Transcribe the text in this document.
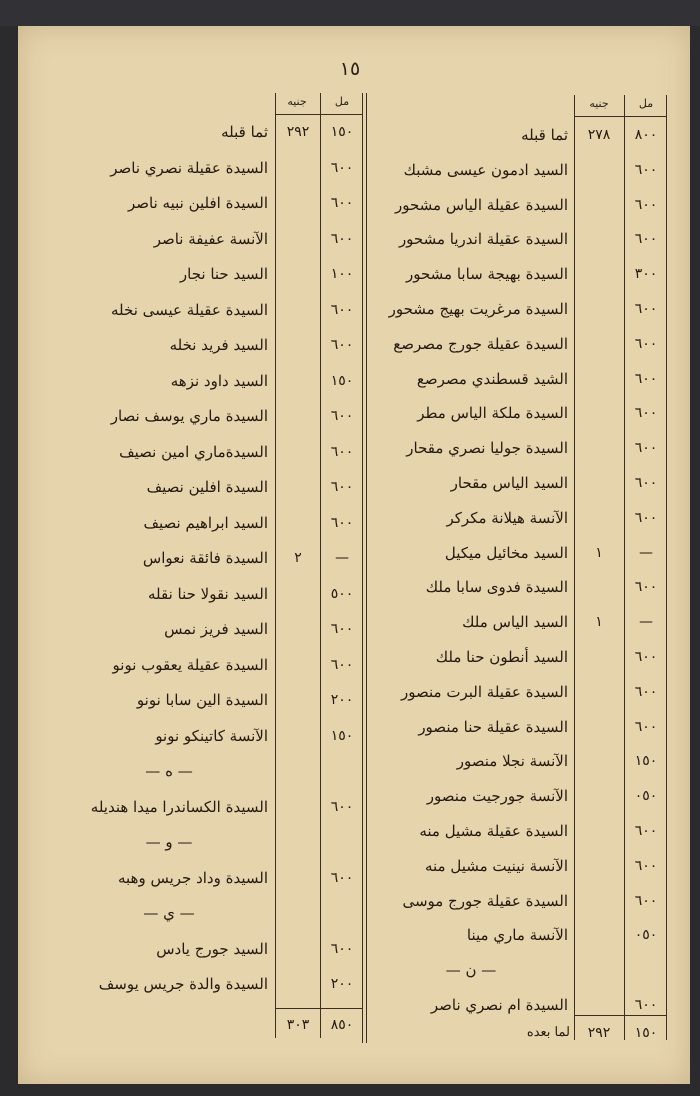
١٥
مل
جنيه
مل
جنيه
٨٠٠
٢٧٨
ثما قبله
٦٠٠
السيد ادمون عيسى مشبك
٦٠٠
السيدة عقيلة الياس مشحور
٦٠٠
السيدة عقيلة اندريا مشحور
٣٠٠
السيدة بهيجة سابا مشحور
٦٠٠
السيدة مرغريت بهيج مشحور
٦٠٠
السيدة عقيلة جورج مصرصع
٦٠٠
الشيد قسطندي مصرصع
٦٠٠
السيدة ملكة الياس مطر
٦٠٠
السيدة جوليا نصري مقحار
٦٠٠
السيد الياس مقحار
٦٠٠
الآنسة هيلانة مكركر
—
١
السيد مخائيل ميكيل
٦٠٠
السيدة فدوى سابا ملك
—
١
السيد الياس ملك
٦٠٠
السيد أنطون حنا ملك
٦٠٠
السيدة عقيلة البرت منصور
٦٠٠
السيدة عقيلة حنا منصور
١٥٠
الآنسة نجلا منصور
٠٥٠
الآنسة جورجيت منصور
٦٠٠
السيدة عقيلة مشيل منه
٦٠٠
الآنسة نينيت مشيل منه
٦٠٠
السيدة عقيلة جورج موسى
٠٥٠
الآنسة ماري مينا
— ن —
٦٠٠
السيدة ام نصري ناصر
١٥٠
٢٩٢
ثما قبله
٦٠٠
السيدة عقيلة نصري ناصر
٦٠٠
السيدة افلين نبيه ناصر
٦٠٠
الآنسة عفيفة ناصر
١٠٠
السيد حنا نجار
٦٠٠
السيدة عقيلة عيسى نخله
٦٠٠
السيد فريد نخله
١٥٠
السيد داود نزهه
٦٠٠
السيدة ماري يوسف نصار
٦٠٠
السيدةماري امين نصيف
٦٠٠
السيدة افلين نصيف
٦٠٠
السيد ابراهيم نصيف
—
٢
السيدة فائقة نعواس
٥٠٠
السيد نقولا حنا نقله
٦٠٠
السيد فريز نمس
٦٠٠
السيدة عقيلة يعقوب نونو
٢٠٠
السيدة الين سابا نونو
١٥٠
الآنسة كاتينكو نونو
— ه —
٦٠٠
السيدة الكساندرا ميدا هنديله
— و —
٦٠٠
السيدة وداد جريس وهبه
— ي —
٦٠٠
السيد جورج يادس
٢٠٠
السيدة والدة جريس يوسف
١٥٠
٢٩٢
لما بعده
٨٥٠
٣٠٣
